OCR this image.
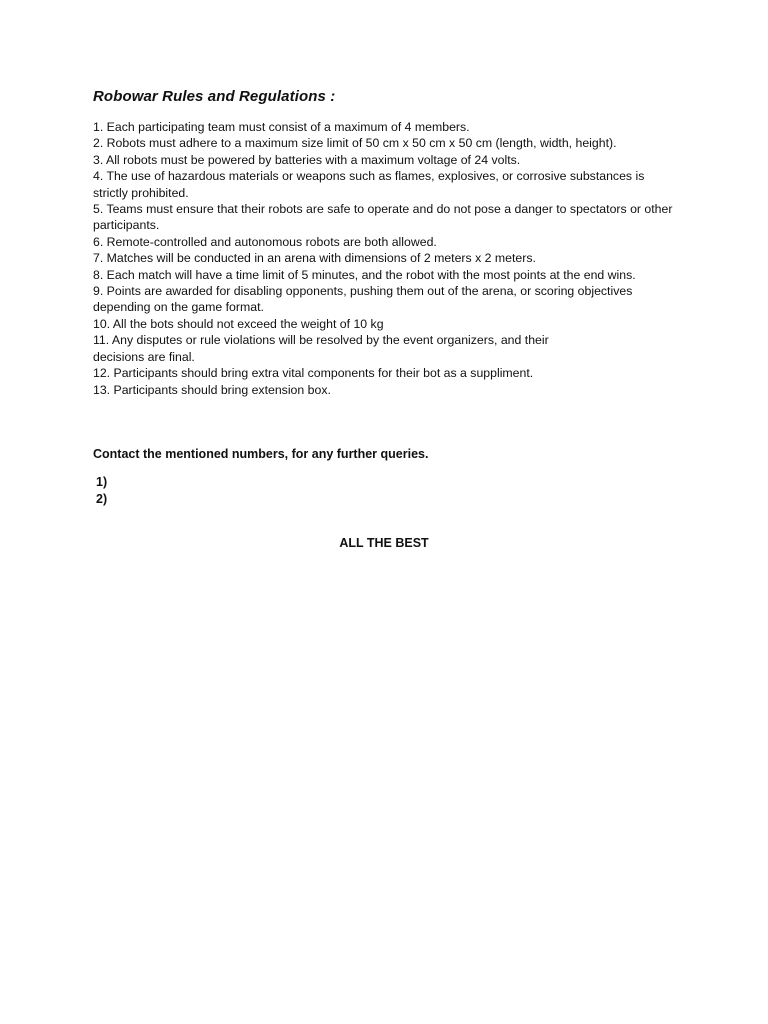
Robowar Rules and Regulations :

1. Each participating team must consist of a maximum of 4 members.

2. Robots must adhere to a maximum size limit of 50 cm x 50 cm x 50 cm (length, width, height).

3. All robots must be powered by batteries with a maximum voltage of 24 volts.

4. The use of hazardous materials or weapons such as flames, explosives, or corrosive substances is strictly prohibited.

5. Teams must ensure that their robots are safe to operate and do not pose a danger to spectators or other participants.

6. Remote-controlled and autonomous robots are both allowed.

7. Matches will be conducted in an arena with dimensions of 2 meters x 2 meters.

8. Each match will have a time limit of 5 minutes, and the robot with the most points at the end wins.

9. Points are awarded for disabling opponents, pushing them out of the arena, or scoring objectives depending on the game format.

10. All the bots should not exceed the weight of 10 kg

11. Any disputes or rule violations will be resolved by the event organizers, and their

decisions are final.

12. Participants should bring extra vital components for their bot as a suppliment.

13. Participants should bring extension box.

Contact the mentioned numbers, for any further queries.
1)
2)
ALL THE BEST
